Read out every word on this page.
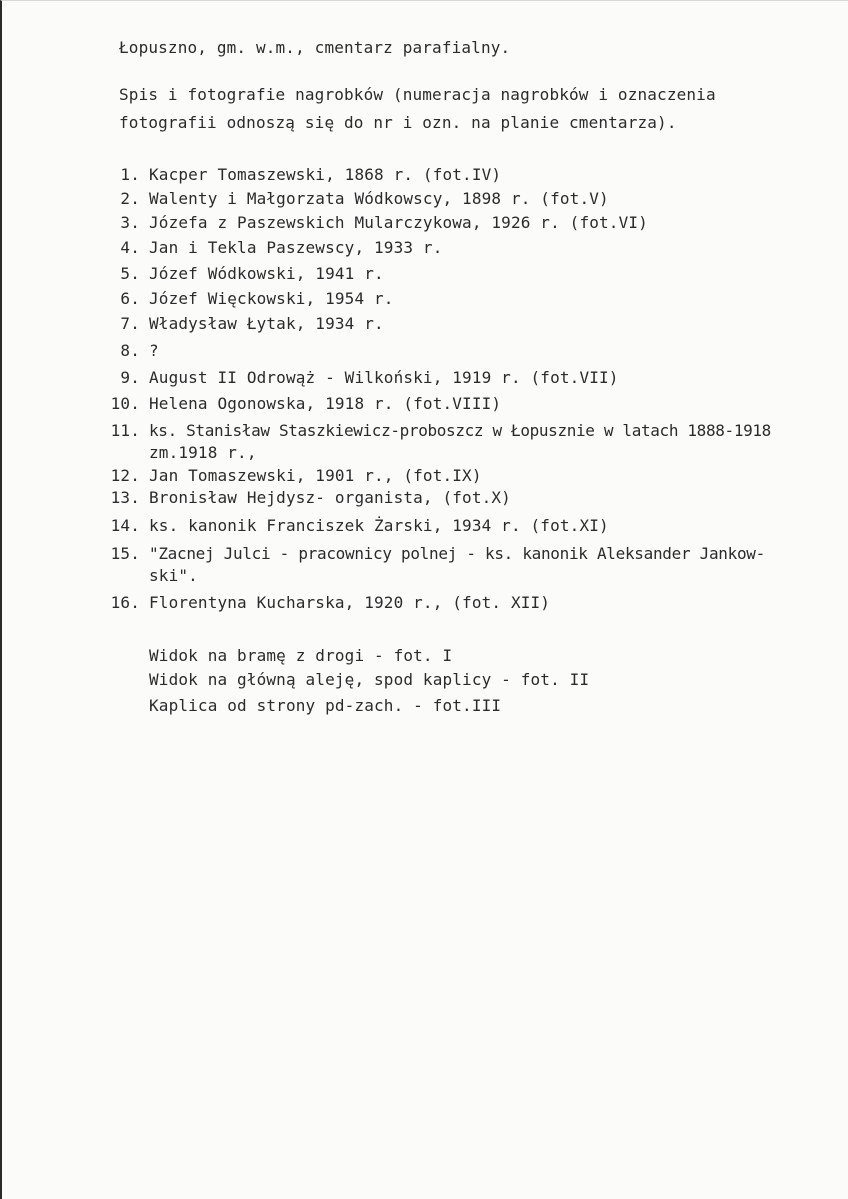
Łopuszno, gm. w.m., cmentarz parafialny.
Spis i fotografie nagrobków (numeracja nagrobków i oznaczenia
fotografii odnoszą się do nr i ozn. na planie cmentarza).
1. Kacper Tomaszewski, 1868 r. (fot.IV)
2. Walenty i Małgorzata Wódkowscy, 1898 r. (fot.V)
3. Józefa z Paszewskich Mularczykowa, 1926 r. (fot.VI)
4. Jan i Tekla Paszewscy, 1933 r.
5. Józef Wódkowski, 1941 r.
6. Józef Więckowski, 1954 r.
7. Władysław Łytak, 1934 r.
8. ?
9. August II Odrowąż - Wilkoński, 1919 r. (fot.VII)
10. Helena Ogonowska, 1918 r. (fot.VIII)
11. ks. Stanisław Staszkiewicz-proboszcz w Łopusznie w latach 1888-1918
zm.1918 r.,
12. Jan Tomaszewski, 1901 r., (fot.IX)
13. Bronisław Hejdysz- organista, (fot.X)
14. ks. kanonik Franciszek Żarski, 1934 r. (fot.XI)
15. "Zacnej Julci - pracownicy polnej - ks. kanonik Aleksander Jankow-
ski".
16. Florentyna Kucharska, 1920 r., (fot. XII)
Widok na bramę z drogi - fot. I
Widok na główną aleję, spod kaplicy - fot. II
Kaplica od strony pd-zach. - fot.III
